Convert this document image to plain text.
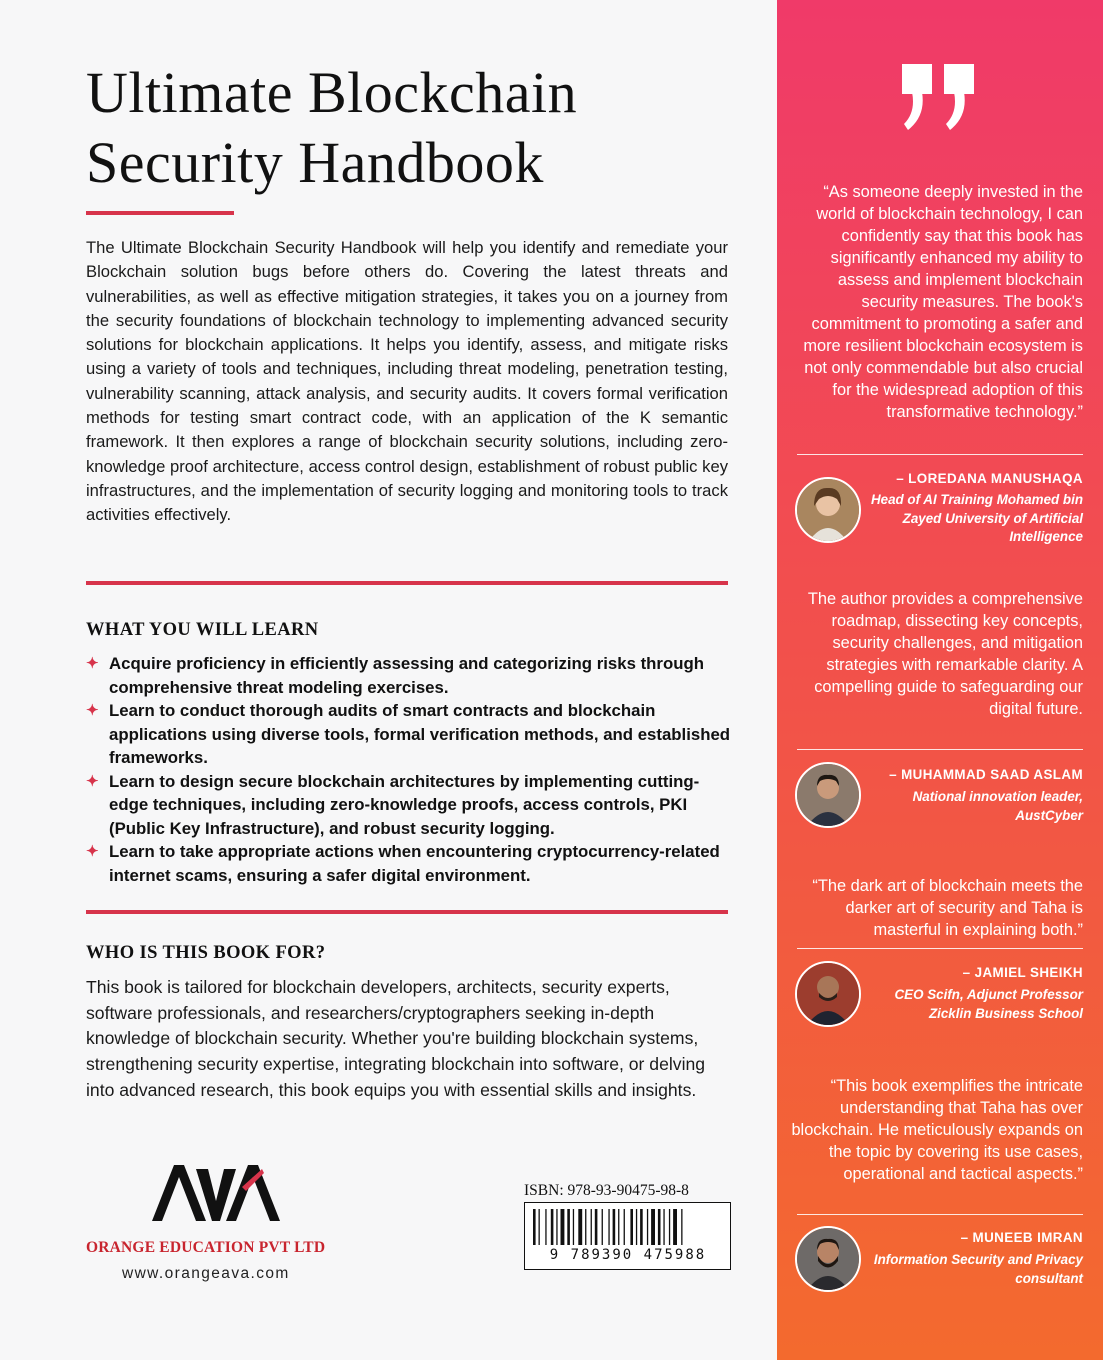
Ultimate Blockchain
Security Handbook

The Ultimate Blockchain Security Handbook will help you identify and remediate your Blockchain solution bugs before others do. Covering the latest threats and vulnerabilities, as well as effective mitigation strategies, it takes you on a journey from the security foundations of blockchain technology to implementing advanced security solutions for blockchain applications. It helps you identify, assess, and mitigate risks using a variety of tools and techniques, including threat modeling, penetration testing, vulnerability scanning, attack analysis, and security audits. It covers formal verification methods for testing smart contract code, with an application of the K semantic framework. It then explores a range of blockchain security solutions, including zero-knowledge proof architecture, access control design, establishment of robust public key infrastructures, and the implementation of security logging and monitoring tools to track activities effectively.

WHAT YOU WILL LEARN
✦ Acquire proficiency in efficiently assessing and categorizing risks through comprehensive threat modeling exercises.
✦ Learn to conduct thorough audits of smart contracts and blockchain applications using diverse tools, formal verification methods, and established frameworks.
✦ Learn to design secure blockchain architectures by implementing cutting-edge techniques, including zero-knowledge proofs, access controls, PKI (Public Key Infrastructure), and robust security logging.
✦ Learn to take appropriate actions when encountering cryptocurrency-related internet scams, ensuring a safer digital environment.
WHO IS THIS BOOK FOR?

This book is tailored for blockchain developers, architects, security experts, software professionals, and researchers/cryptographers seeking in-depth knowledge of blockchain security. Whether you're building blockchain systems, strengthening security expertise, integrating blockchain into software, or delving into advanced research, this book equips you with essential skills and insights.

ORANGE EDUCATION PVT LTD
www.orangeava.com
ISBN: 978-93-90475-98-8
9 789390 475988

“As someone deeply invested in the world of blockchain technology, I can confidently say that this book has significantly enhanced my ability to assess and implement blockchain security measures. The book's commitment to promoting a safer and more resilient blockchain ecosystem is not only commendable but also crucial for the widespread adoption of this transformative technology.”

– LOREDANA MANUSHAQA
Head of AI Training Mohamed bin Zayed University of Artificial Intelligence

The author provides a comprehensive roadmap, dissecting key concepts, security challenges, and mitigation strategies with remarkable clarity. A compelling guide to safeguarding our digital future.

– MUHAMMAD SAAD ASLAM
National innovation leader, AustCyber

“The dark art of blockchain meets the darker art of security and Taha is masterful in explaining both.”

– JAMIEL SHEIKH
CEO Scifn, Adjunct Professor Zicklin Business School

“This book exemplifies the intricate understanding that Taha has over blockchain. He meticulously expands on the topic by covering its use cases, operational and tactical aspects.”

– MUNEEB IMRAN
Information Security and Privacy consultant
